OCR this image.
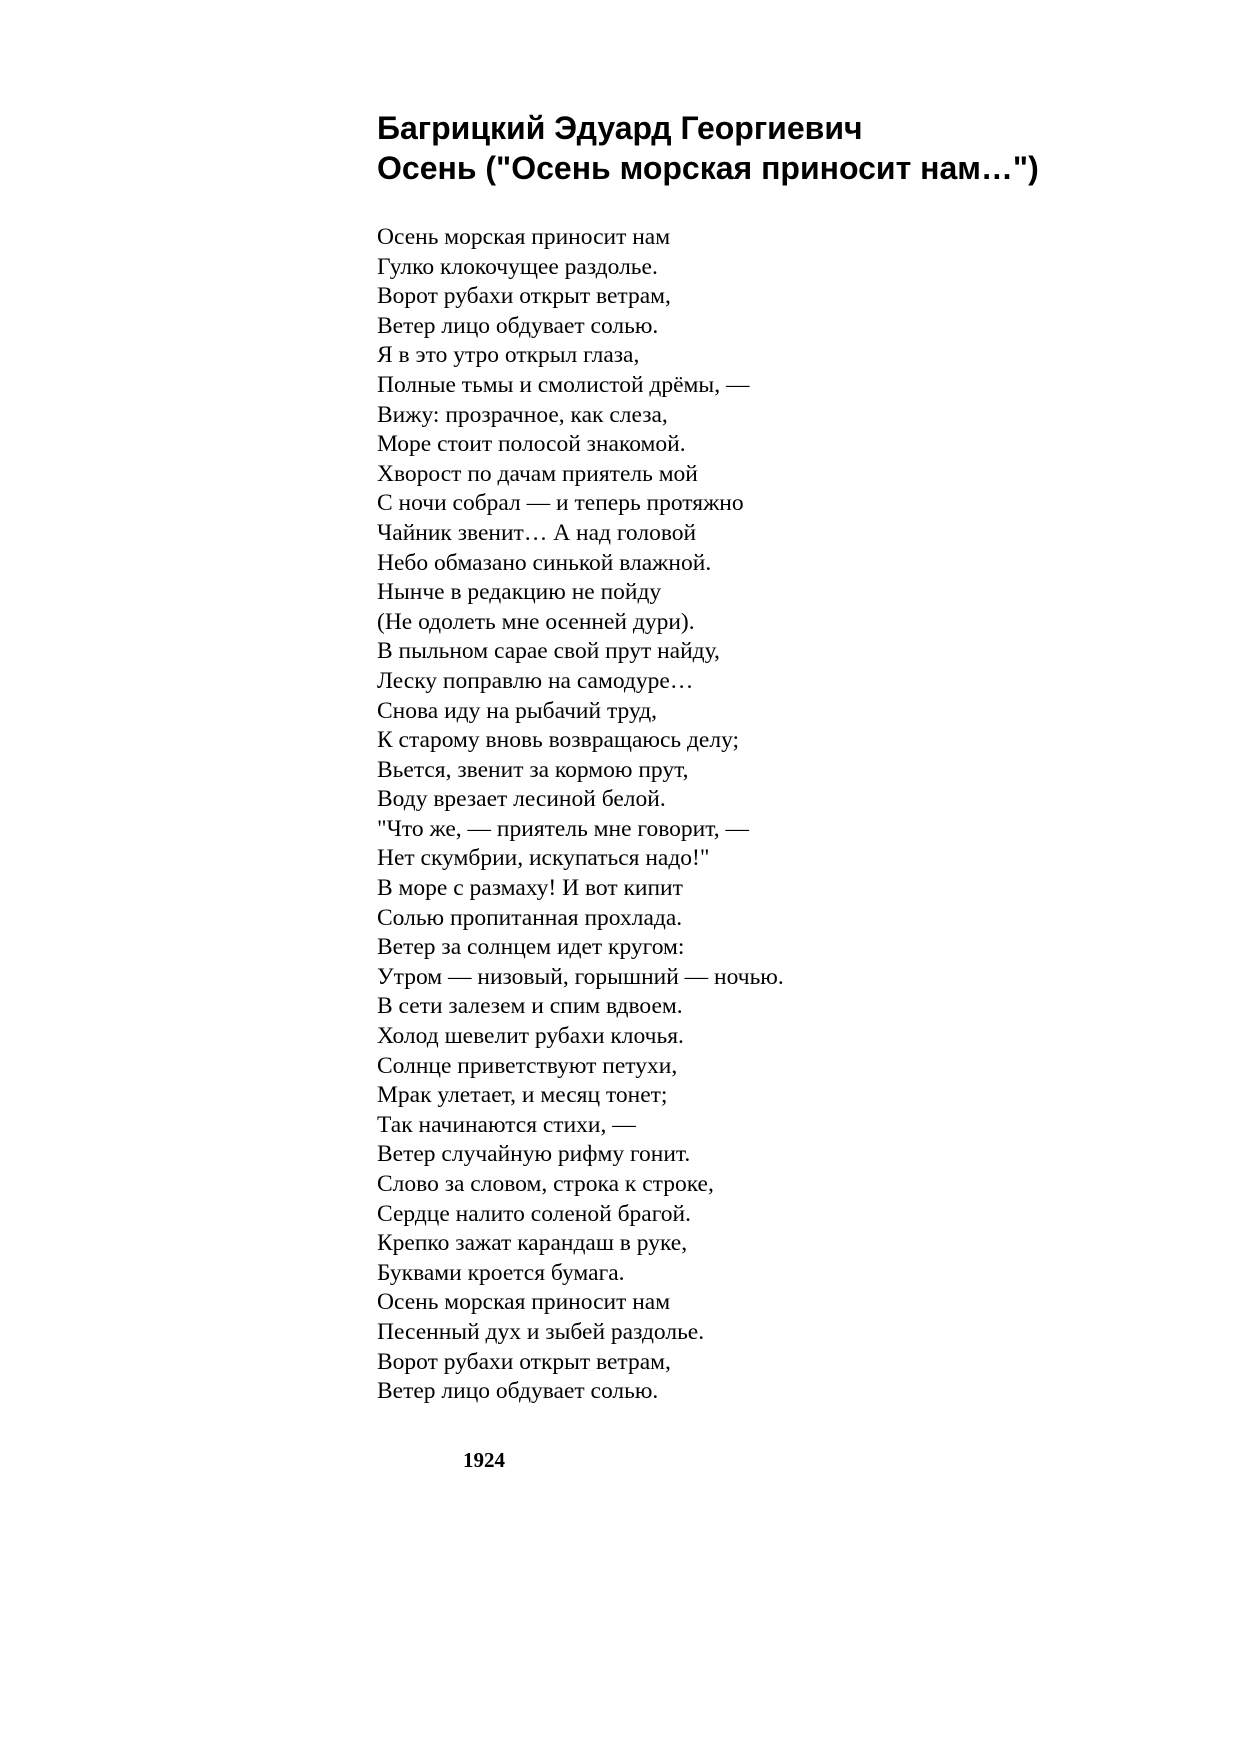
Багрицкий Эдуард Георгиевич
Осень ("Осень морская приносит нам…")
Осень морская приносит нам
Гулко клокочущее раздолье.
Ворот рубахи открыт ветрам,
Ветер лицо обдувает солью.
Я в это утро открыл глаза,
Полные тьмы и смолистой дрёмы, —
Вижу: прозрачное, как слеза,
Море стоит полосой знакомой.
Хворост по дачам приятель мой
С ночи собрал — и теперь протяжно
Чайник звенит… А над головой
Небо обмазано синькой влажной.
Нынче в редакцию не пойду
(Не одолеть мне осенней дури).
В пыльном сарае свой прут найду,
Леску поправлю на самодуре…
Снова иду на рыбачий труд,
К старому вновь возвращаюсь делу;
Вьется, звенит за кормою прут,
Воду врезает лесиной белой.
"Что же, — приятель мне говорит, —
Нет скумбрии, искупаться надо!"
В море с размаху! И вот кипит
Солью пропитанная прохлада.
Ветер за солнцем идет кругом:
Утром — низовый, горышний — ночью.
В сети залезем и спим вдвоем.
Холод шевелит рубахи клочья.
Солнце приветствуют петухи,
Мрак улетает, и месяц тонет;
Так начинаются стихи, —
Ветер случайную рифму гонит.
Слово за словом, строка к строке,
Сердце налито соленой брагой.
Крепко зажат карандаш в руке,
Буквами кроется бумага.
Осень морская приносит нам
Песенный дух и зыбей раздолье.
Ворот рубахи открыт ветрам,
Ветер лицо обдувает солью.
1924
